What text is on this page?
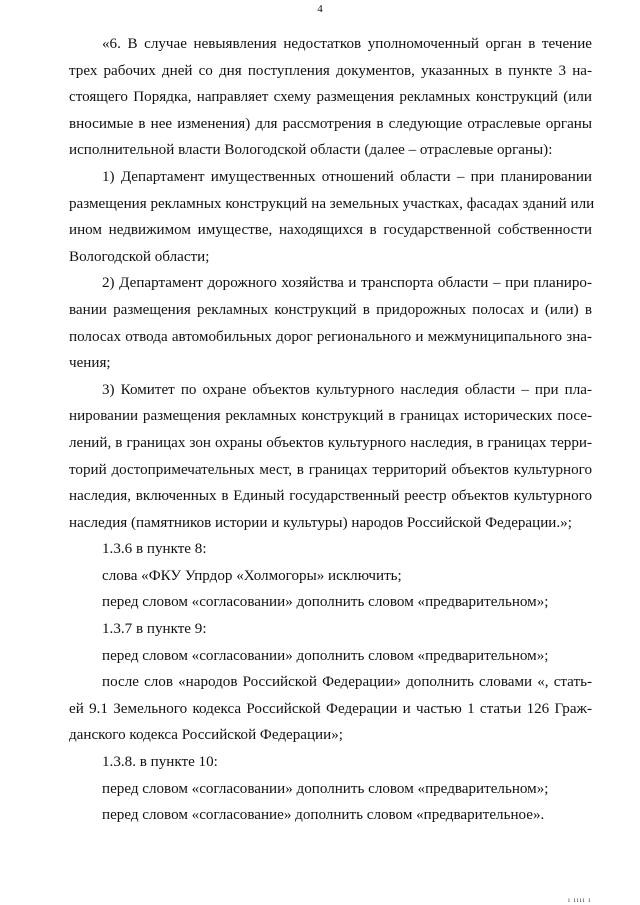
4

«6. В случае невыявления недостатков уполномоченный орган в течение
трех рабочих дней со дня поступления документов, указанных в пункте 3 на-
стоящего Порядка, направляет схему размещения рекламных конструкций (или
вносимые в нее изменения) для рассмотрения в следующие отраслевые органы
исполнительной власти Вологодской области (далее – отраслевые органы):

1) Департамент имущественных отношений области – при планировании
размещения рекламных конструкций на земельных участках, фасадах зданий или
ином недвижимом имуществе, находящихся в государственной собственности
Вологодской области;

2) Департамент дорожного хозяйства и транспорта области – при планиро-
вании размещения рекламных конструкций в придорожных полосах и (или) в
полосах отвода автомобильных дорог регионального и межмуниципального зна-
чения;

3) Комитет по охране объектов культурного наследия области – при пла-
нировании размещения рекламных конструкций в границах исторических посе-
лений, в границах зон охраны объектов культурного наследия, в границах терри-
торий достопримечательных мест, в границах территорий объектов культурного
наследия, включенных в Единый государственный реестр объектов культурного
наследия (памятников истории и культуры) народов Российской Федерации.»;

1.3.6 в пункте 8:

слова «ФКУ Упрдор «Холмогоры» исключить;

перед словом «согласовании» дополнить словом «предварительном»;

1.3.7 в пункте 9:

перед словом «согласовании» дополнить словом «предварительном»;

после слов «народов Российской Федерации» дополнить словами «, стать-
ей 9.1 Земельного кодекса Российской Федерации и частью 1 статьи 126 Граж-
данского кодекса Российской Федерации»;

1.3.8. в пункте 10:

перед словом «согласовании» дополнить словом «предварительном»;

перед словом «согласование» дополнить словом «предварительное».

ı ıııı ı
